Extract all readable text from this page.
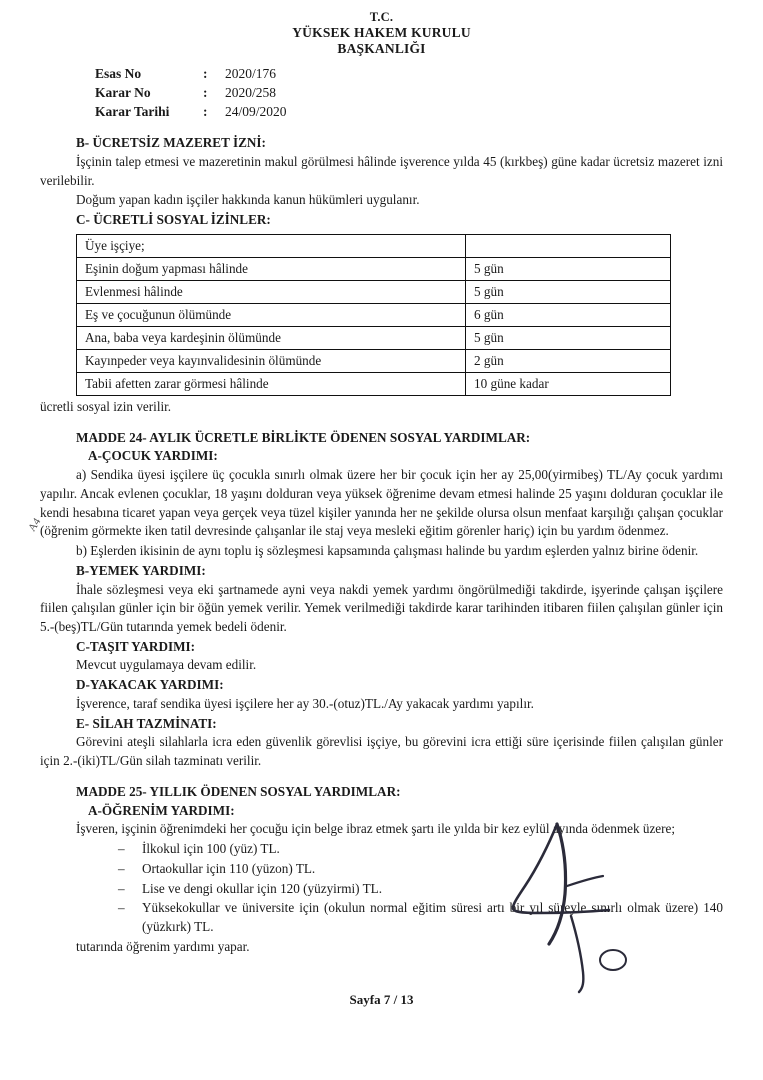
T.C.
YÜKSEK HAKEM KURULU
BAŞKANLIĞI
Esas No	:	2020/176
Karar No	:	2020/258
Karar Tarihi	:	24/09/2020
B- ÜCRETSİZ MAZERET İZNİ:
İşçinin talep etmesi ve mazeretinin makul görülmesi hâlinde işverence yılda 45 (kırkbeş) güne kadar ücretsiz mazeret izni verilebilir.
Doğum yapan kadın işçiler hakkında kanun hükümleri uygulanır.
C- ÜCRETLİ SOSYAL İZİNLER:
Üye işçiye;	
Eşinin doğum yapması hâlinde	5 gün
Evlenmesi hâlinde	5 gün
Eş ve çocuğunun ölümünde	6 gün
Ana, baba veya kardeşinin ölümünde	5 gün
Kayınpeder veya kayınvalidesinin ölümünde	2 gün
Tabii afetten zarar görmesi hâlinde	10 güne kadar
ücretli sosyal izin verilir.
MADDE 24- AYLIK ÜCRETLE BİRLİKTE ÖDENEN SOSYAL YARDIMLAR:
A-ÇOCUK YARDIMI:
a) Sendika üyesi işçilere üç çocukla sınırlı olmak üzere her bir çocuk için her ay 25,00(yirmibeş) TL/Ay çocuk yardımı yapılır. Ancak evlenen çocuklar, 18 yaşını dolduran veya yüksek öğrenime devam etmesi halinde 25 yaşını dolduran çocuklar ile kendi hesabına ticaret yapan veya gerçek veya tüzel kişiler yanında her ne şekilde olursa olsun menfaat karşılığı çalışan çocuklar (öğrenim görmekte iken tatil devresinde çalışanlar ile staj veya mesleki eğitim görenler hariç) için bu yardım ödenmez.
b) Eşlerden ikisinin de aynı toplu iş sözleşmesi kapsamında çalışması halinde bu yardım eşlerden yalnız birine ödenir.
B-YEMEK YARDIMI:
İhale sözleşmesi veya eki şartnamede ayni veya nakdi yemek yardımı öngörülmediği takdirde, işyerinde çalışan işçilere fiilen çalışılan günler için bir öğün yemek verilir. Yemek verilmediği takdirde karar tarihinden itibaren fiilen çalışılan günler için 5.-(beş)TL/Gün tutarında yemek bedeli ödenir.
C-TAŞIT YARDIMI:
Mevcut uygulamaya devam edilir.
D-YAKACAK YARDIMI:
İşverence, taraf sendika üyesi işçilere her ay 30.-(otuz)TL./Ay yakacak yardımı yapılır.
E- SİLAH TAZMİNATI:
Görevini ateşli silahlarla icra eden güvenlik görevlisi işçiye, bu görevini icra ettiği süre içerisinde fiilen çalışılan günler için 2.-(iki)TL/Gün silah tazminatı verilir.
MADDE 25- YILLIK ÖDENEN SOSYAL YARDIMLAR:
A-ÖĞRENİM YARDIMI:
İşveren, işçinin öğrenimdeki her çocuğu için belge ibraz etmek şartı ile yılda bir kez eylül ayında ödenmek üzere;
– İlkokul için 100 (yüz) TL.
– Ortaokullar için 110 (yüzon) TL.
– Lise ve dengi okullar için 120 (yüzyirmi) TL.
– Yüksekokullar ve üniversite için (okulun normal eğitim süresi artı bir yıl süreyle sınırlı olmak üzere) 140 (yüzkırk) TL.
tutarında öğrenim yardımı yapar.
A4
Sayfa 7 / 13
